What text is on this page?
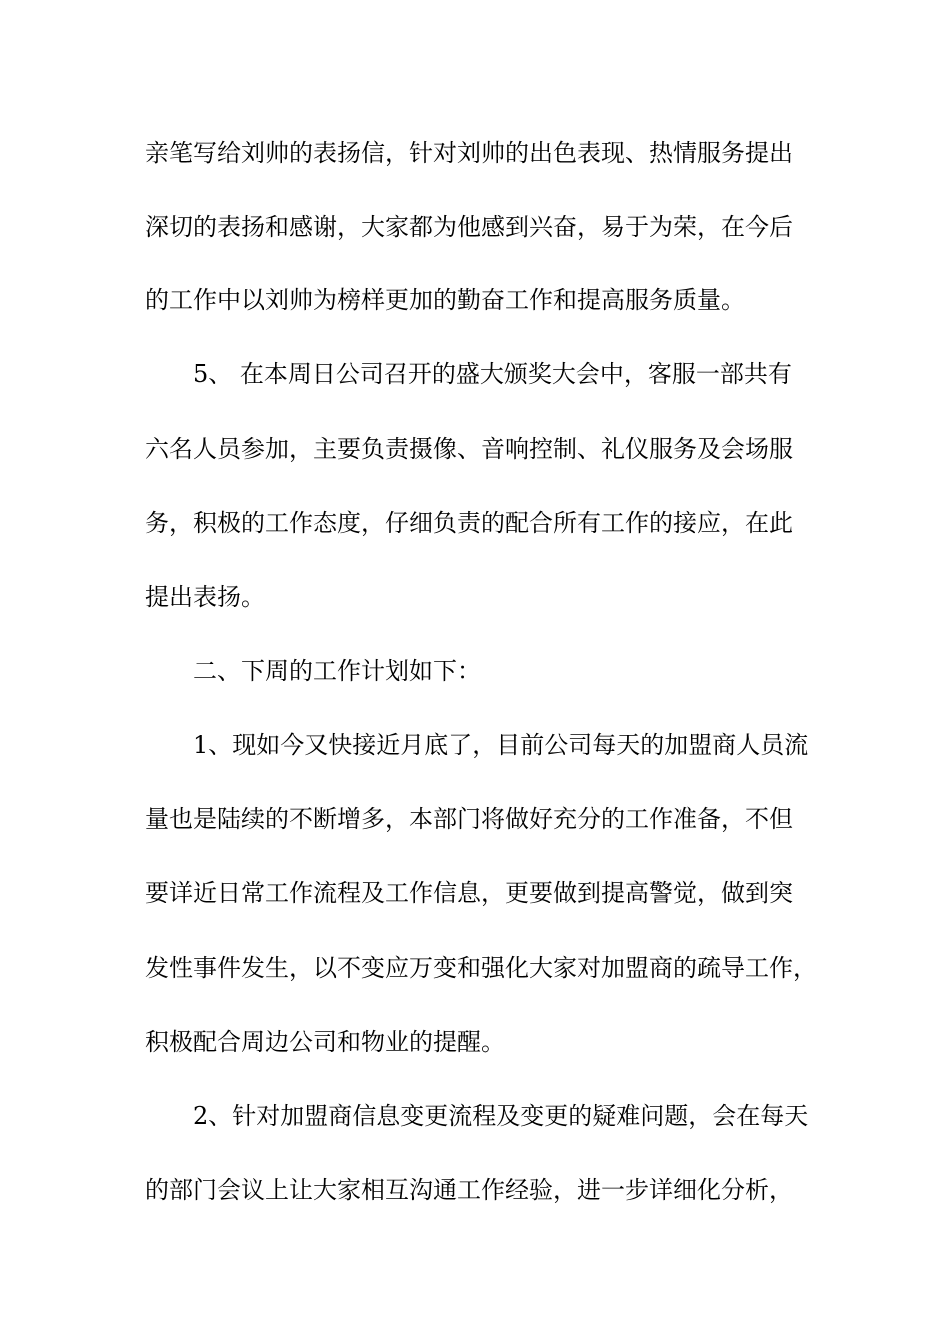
亲笔写给刘帅的表扬信，针对刘帅的出色表现、热情服务提出
深切的表扬和感谢，大家都为他感到兴奋，易于为荣，在今后
的工作中以刘帅为榜样更加的勤奋工作和提高服务质量。
5、 在本周日公司召开的盛大颁奖大会中，客服一部共有
六名人员参加，主要负责摄像、音响控制、礼仪服务及会场服
务，积极的工作态度，仔细负责的配合所有工作的接应，在此
提出表扬。
二、下周的工作计划如下：
1、现如今又快接近月底了，目前公司每天的加盟商人员流
量也是陆续的不断增多，本部门将做好充分的工作准备，不但
要详近日常工作流程及工作信息，更要做到提高警觉，做到突
发性事件发生，以不变应万变和强化大家对加盟商的疏导工作，
积极配合周边公司和物业的提醒。
2、针对加盟商信息变更流程及变更的疑难问题，会在每天
的部门会议上让大家相互沟通工作经验，进一步详细化分析，
